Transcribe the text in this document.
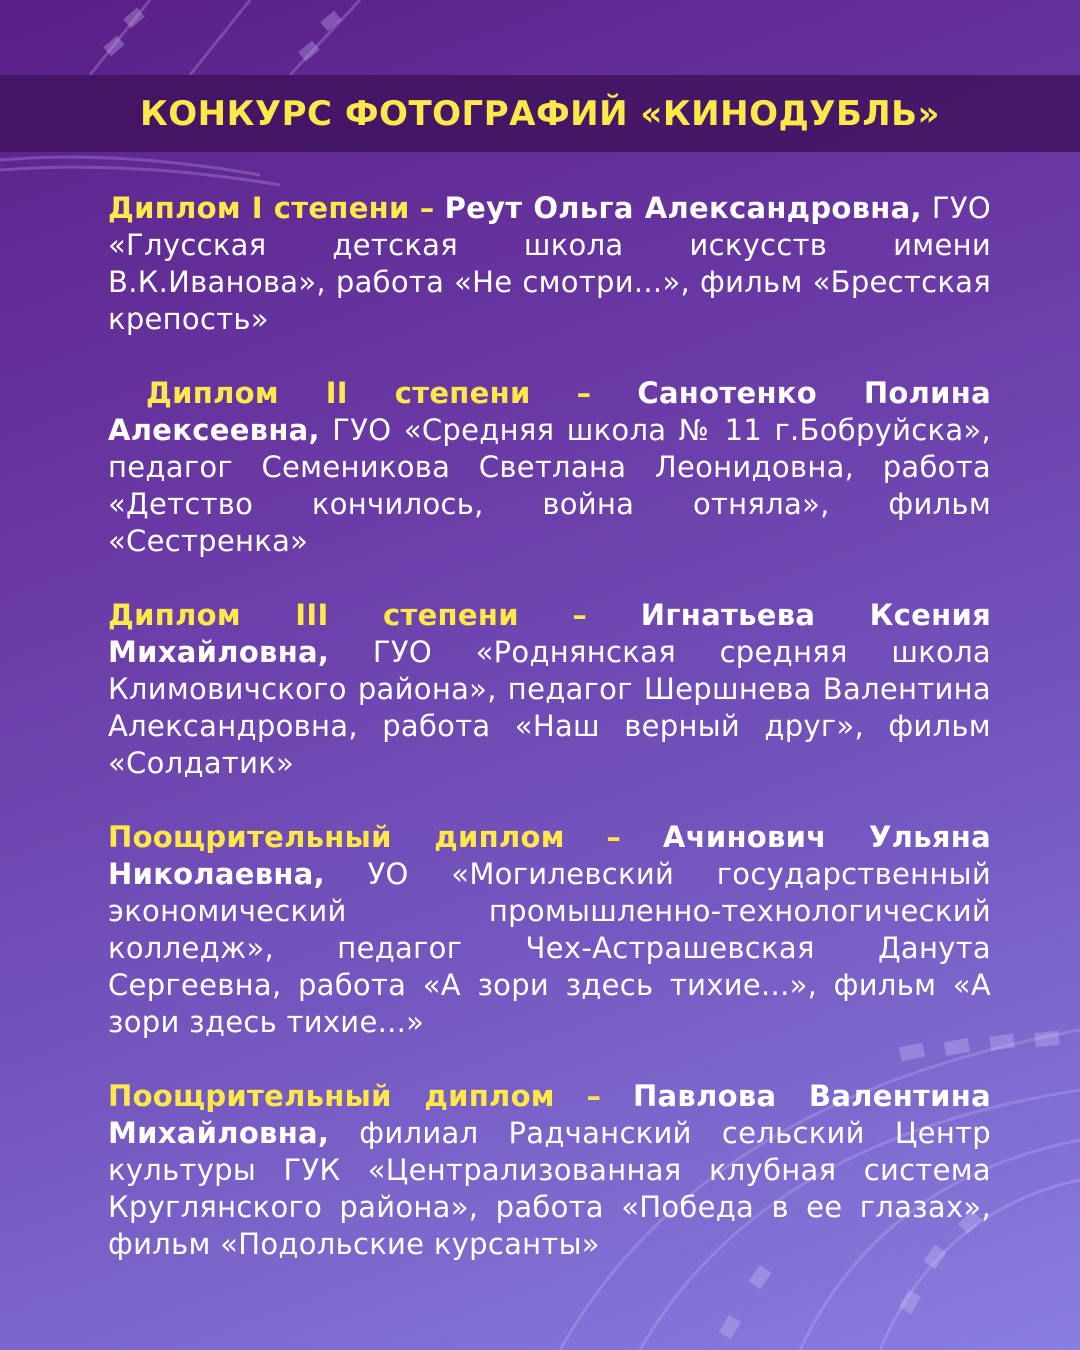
КОНКУРС ФОТОГРАФИЙ «КИНОДУБЛЬ»

Диплом I степени – Реут Ольга Александровна, ГУО «Глусская детская школа искусств имени В.К.Иванова», работа «Не смотри...», фильм «Брестская крепость»

Диплом II степени – Санотенко Полина Алексеевна, ГУО «Средняя школа № 11 г.Бобруйска», педагог Семеникова Светлана Леонидовна, работа «Детство кончилось, война отняла», фильм «Сестренка»

Диплом III степени – Игнатьева Ксения Михайловна, ГУО «Роднянская средняя школа Климовичского района», педагог Шершнева Валентина Александровна, работа «Наш верный друг», фильм «Солдатик»

Поощрительный диплом – Ачинович Ульяна Николаевна, УО «Могилевский государственный экономический промышленно-технологический колледж», педагог Чех-Астрашевская Данута Сергеевна, работа «А зори здесь тихие...», фильм «А зори здесь тихие...»

Поощрительный диплом – Павлова Валентина Михайловна, филиал Радчанский сельский Центр культуры ГУК «Централизованная клубная система Круглянского района», работа «Победа в ее глазах», фильм «Подольские курсанты»
